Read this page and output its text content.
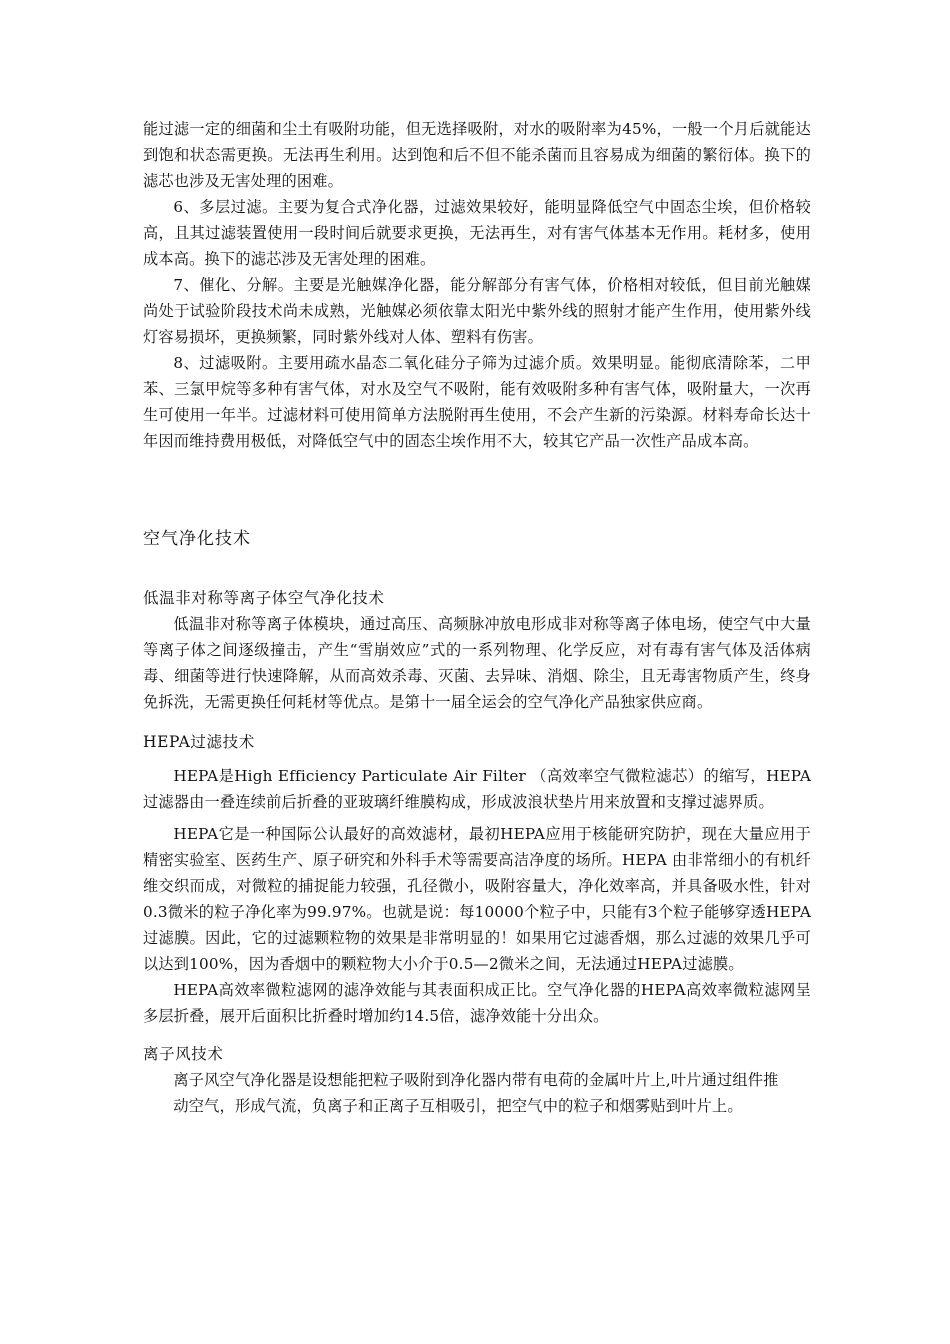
能过滤一定的细菌和尘土有吸附功能，但无选择吸附，对水的吸附率为45%，一般一个月后就能达到饱和状态需更换。无法再生利用。达到饱和后不但不能杀菌而且容易成为细菌的繁衍体。换下的滤芯也涉及无害处理的困难。

6、多层过滤。主要为复合式净化器，过滤效果较好，能明显降低空气中固态尘埃，但价格较高，且其过滤装置使用一段时间后就要求更换，无法再生，对有害气体基本无作用。耗材多，使用成本高。换下的滤芯涉及无害处理的困难。

7、催化、分解。主要是光触媒净化器，能分解部分有害气体，价格相对较低，但目前光触媒尚处于试验阶段技术尚未成熟，光触媒必须依靠太阳光中紫外线的照射才能产生作用，使用紫外线灯容易损坏，更换频繁，同时紫外线对人体、塑料有伤害。

8、过滤吸附。主要用疏水晶态二氧化硅分子筛为过滤介质。效果明显。能彻底清除苯，二甲苯、三氯甲烷等多种有害气体，对水及空气不吸附，能有效吸附多种有害气体，吸附量大，一次再生可使用一年半。过滤材料可使用简单方法脱附再生使用，不会产生新的污染源。材料寿命长达十年因而维持费用极低，对降低空气中的固态尘埃作用不大，较其它产品一次性产品成本高。

空气净化技术
低温非对称等离子体空气净化技术

低温非对称等离子体模块，通过高压、高频脉冲放电形成非对称等离子体电场，使空气中大量等离子体之间逐级撞击，产生“雪崩效应”式的一系列物理、化学反应，对有毒有害气体及活体病毒、细菌等进行快速降解，从而高效杀毒、灭菌、去异味、消烟、除尘，且无毒害物质产生，终身免拆洗，无需更换任何耗材等优点。是第十一届全运会的空气净化产品独家供应商。

HEPA过滤技术

HEPA是High Efficiency Particulate Air Filter （高效率空气微粒滤芯）的缩写，HEPA 过滤器由一叠连续前后折叠的亚玻璃纤维膜构成，形成波浪状垫片用来放置和支撑过滤界质。

HEPA它是一种国际公认最好的高效滤材，最初HEPA应用于核能研究防护，现在大量应用于精密实验室、医药生产、原子研究和外科手术等需要高洁净度的场所。HEPA 由非常细小的有机纤维交织而成，对微粒的捕捉能力较强，孔径微小，吸附容量大，净化效率高，并具备吸水性，针对0.3微米的粒子净化率为99.97%。也就是说：每10000个粒子中，只能有3个粒子能够穿透HEPA过滤膜。因此，它的过滤颗粒物的效果是非常明显的！如果用它过滤香烟，那么过滤的效果几乎可以达到100%，因为香烟中的颗粒物大小介于0.5—2微米之间，无法通过HEPA过滤膜。

HEPA高效率微粒滤网的滤净效能与其表面积成正比。空气净化器的HEPA高效率微粒滤网呈多层折叠，展开后面积比折叠时增加约14.5倍，滤净效能十分出众。

离子风技术

离子风空气净化器是设想能把粒子吸附到净化器内带有电荷的金属叶片上,叶片通过组件推

动空气，形成气流，负离子和正离子互相吸引，把空气中的粒子和烟雾贴到叶片上。
